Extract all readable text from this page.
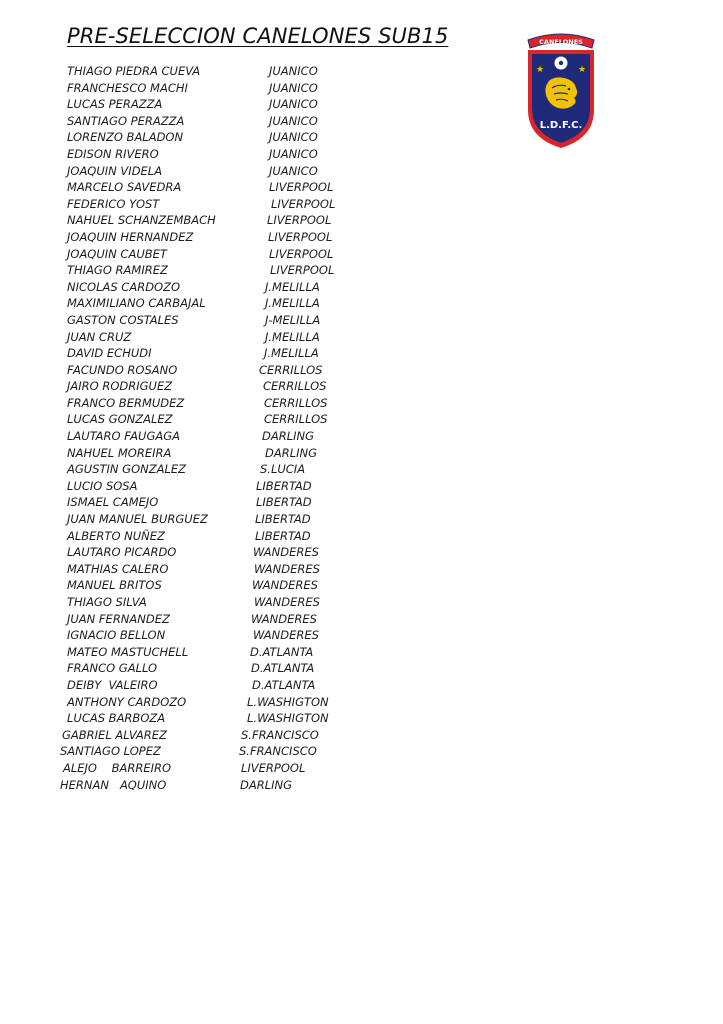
PRE-SELECCION CANELONES SUB15	CANELONES
★	★
L.D.F.C.
THIAGO PIEDRA CUEVA	JUANICO
FRANCHESCO MACHI	JUANICO
LUCAS PERAZZA	JUANICO
SANTIAGO PERAZZA	JUANICO
LORENZO BALADON	JUANICO
EDISON RIVERO	JUANICO
JOAQUIN VIDELA	JUANICO
MARCELO SAVEDRA	LIVERPOOL
FEDERICO YOST	LIVERPOOL
NAHUEL SCHANZEMBACH	LIVERPOOL
JOAQUIN HERNANDEZ	LIVERPOOL
JOAQUIN CAUBET	LIVERPOOL
THIAGO RAMIREZ	LIVERPOOL
NICOLAS CARDOZO	J.MELILLA
MAXIMILIANO CARBAJAL	J.MELILLA
GASTON COSTALES	J-MELILLA
JUAN CRUZ	J.MELILLA
DAVID ECHUDI	J.MELILLA
FACUNDO ROSANO	CERRILLOS
JAIRO RODRIGUEZ	CERRILLOS
FRANCO BERMUDEZ	CERRILLOS
LUCAS GONZALEZ	CERRILLOS
LAUTARO FAUGAGA	DARLING
NAHUEL MOREIRA	DARLING
AGUSTIN GONZALEZ	S.LUCIA
LUCIO SOSA	LIBERTAD
ISMAEL CAMEJO	LIBERTAD
JUAN MANUEL BURGUEZ	LIBERTAD
ALBERTO NUÑEZ	LIBERTAD
LAUTARO PICARDO	WANDERES
MATHIAS CALERO	WANDERES
MANUEL BRITOS	WANDERES
THIAGO SILVA	WANDERES
JUAN FERNANDEZ	WANDERES
IGNACIO BELLON	WANDERES
MATEO MASTUCHELL	D.ATLANTA
FRANCO GALLO	D.ATLANTA
DEIBY  VALEIRO	D.ATLANTA
ANTHONY CARDOZO	L.WASHIGTON
LUCAS BARBOZA	L.WASHIGTON
GABRIEL ALVAREZ	S.FRANCISCO
SANTIAGO LOPEZ	S.FRANCISCO
ALEJO    BARREIRO	LIVERPOOL
HERNAN   AQUINO	DARLING
